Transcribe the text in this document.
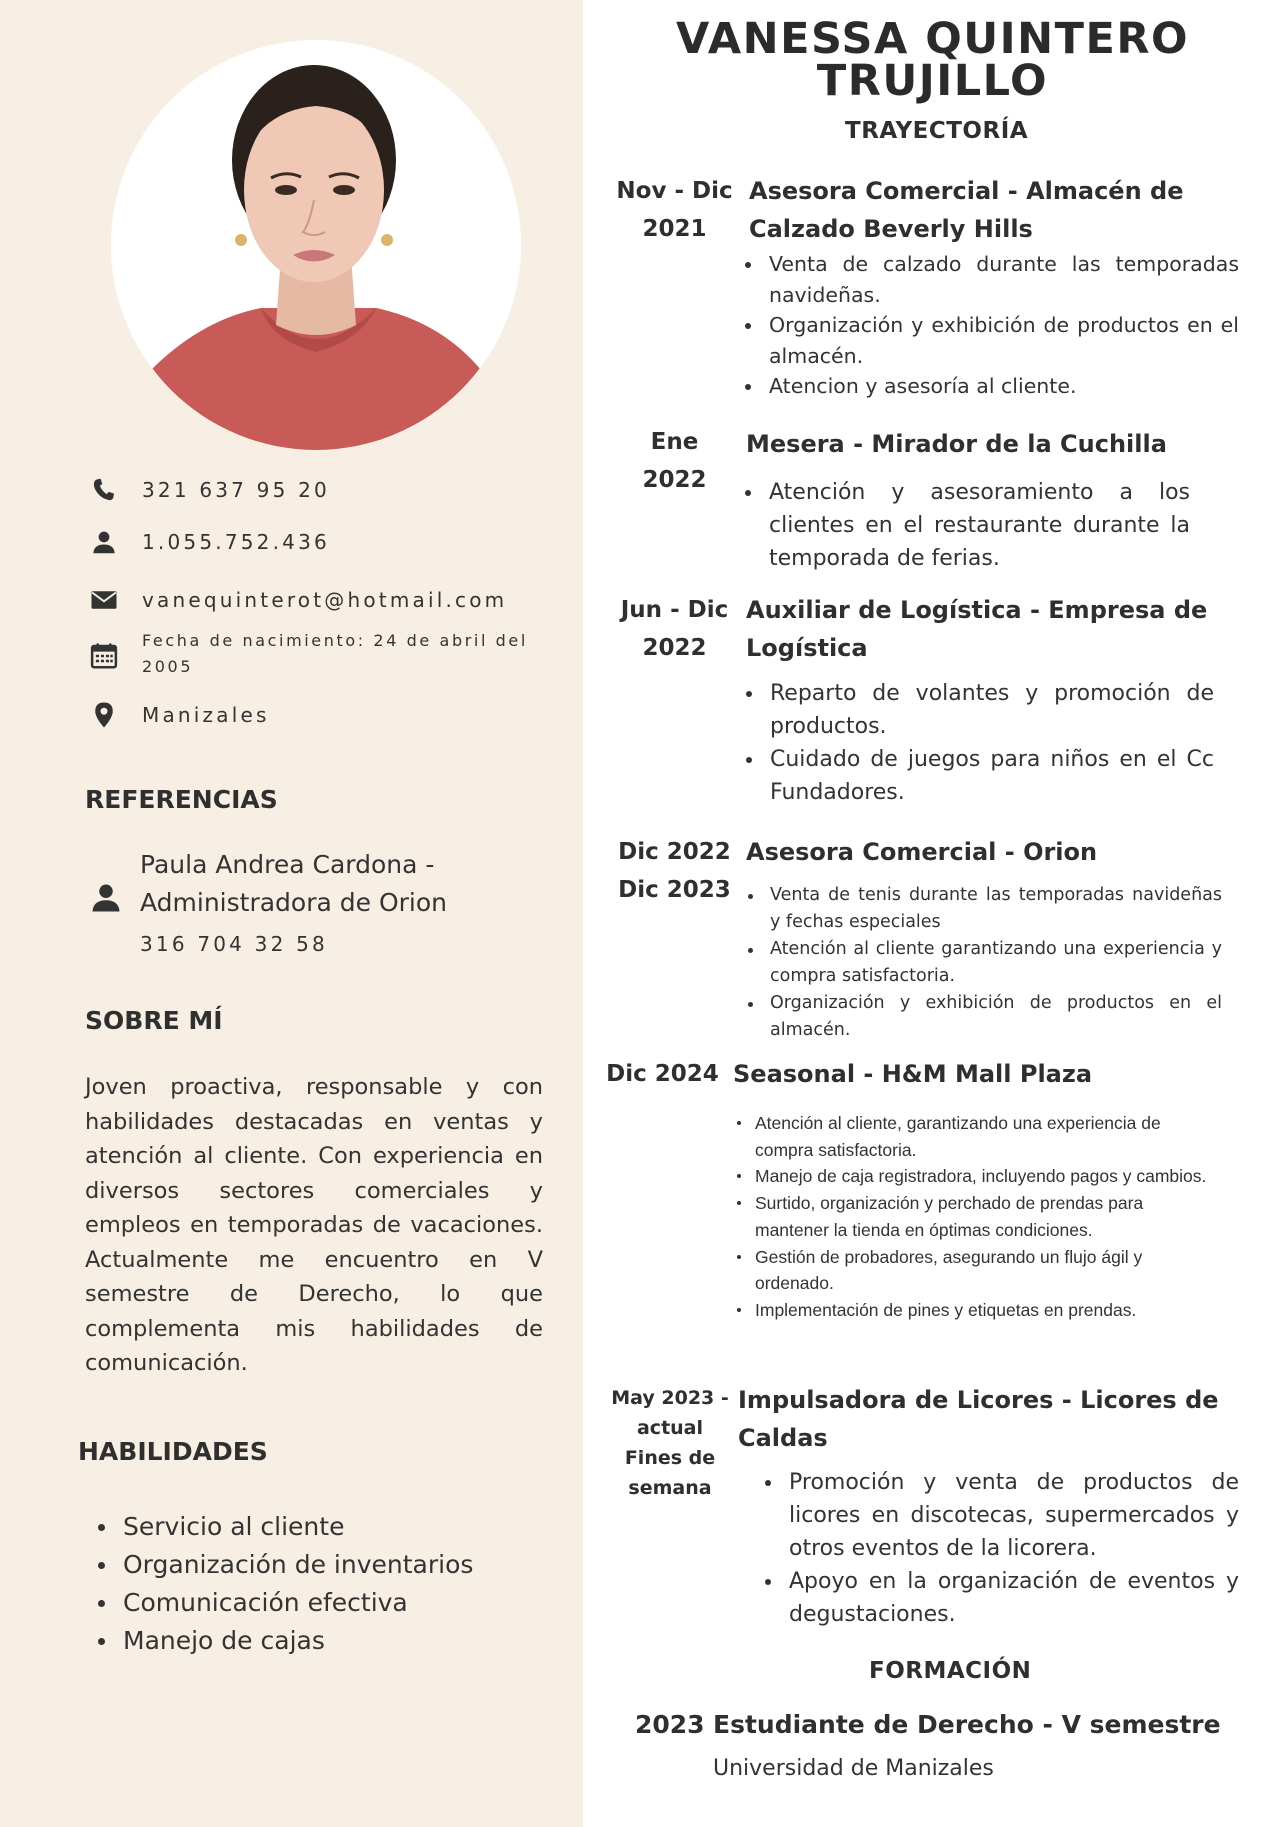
321 637 95 20
1.055.752.436
vanequinterot@hotmail.com
Fecha de nacimiento: 24 de abril del 2005
Manizales
REFERENCIAS
Paula Andrea Cardona -
Administradora de Orion
316 704 32 58
SOBRE MÍ
Joven proactiva, responsable y con habilidades destacadas en ventas y atención al cliente. Con experiencia en diversos sectores comerciales y empleos en temporadas de vacaciones. Actualmente me encuentro en V semestre de Derecho, lo que complementa mis habilidades de comunicación.
HABILIDADES
Servicio al cliente
Organización de inventarios
Comunicación efectiva
Manejo de cajas
VANESSA QUINTERO
TRUJILLO
TRAYECTORÍA
Nov - Dic
2021
Asesora Comercial - Almacén de
Calzado Beverly Hills
Venta de calzado durante las temporadas navideñas.
Organización y exhibición de productos en el almacén.
Atencion y asesoría al cliente.
Ene
2022
Mesera - Mirador de la Cuchilla
Atención y asesoramiento a los clientes en el restaurante durante la temporada de ferias.
Jun - Dic
2022
Auxiliar de Logística - Empresa de
Logística
Reparto de volantes y promoción de productos.
Cuidado de juegos para niños en el Cc Fundadores.
Dic 2022
Dic 2023
Asesora Comercial - Orion
Venta de tenis durante las temporadas navideñas y fechas especiales
Atención al cliente garantizando una experiencia y compra satisfactoria.
Organización y exhibición de productos en el almacén.
Dic 2024 Seasonal - H&M Mall Plaza
Atención al cliente, garantizando una experiencia de compra satisfactoria.
Manejo de caja registradora, incluyendo pagos y cambios.
Surtido, organización y perchado de prendas para mantener la tienda en óptimas condiciones.
Gestión de probadores, asegurando un flujo ágil y ordenado.
Implementación de pines y etiquetas en prendas.
May 2023 -
actual
Fines de
semana
Impulsadora de Licores - Licores de
Caldas
Promoción y venta de productos de licores en discotecas, supermercados y otros eventos de la licorera.
Apoyo en la organización de eventos y degustaciones.
FORMACIÓN
2023 Estudiante de Derecho - V semestre
Universidad de Manizales
